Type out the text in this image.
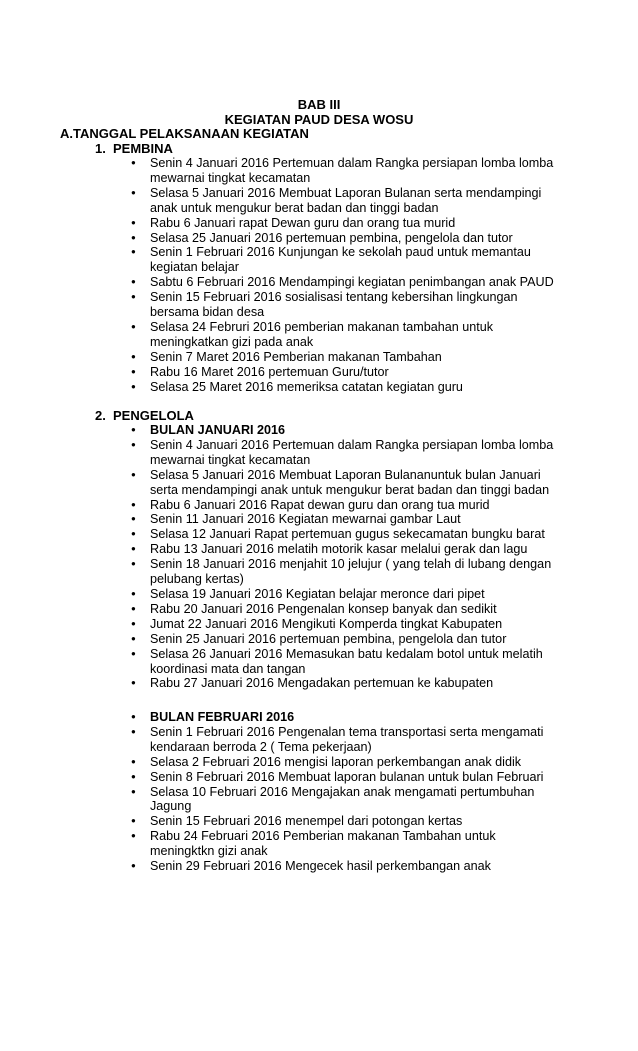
BAB III
KEGIATAN PAUD DESA WOSU
A.TANGGAL PELAKSANAAN KEGIATAN
1. PEMBINA
● Senin 4 Januari 2016 Pertemuan dalam Rangka persiapan lomba lomba mewarnai tingkat kecamatan
● Selasa 5 Januari 2016 Membuat Laporan Bulanan serta mendampingi anak untuk mengukur berat badan dan tinggi badan
● Rabu 6 Januari rapat Dewan guru dan orang tua murid
● Selasa 25 Januari 2016 pertemuan pembina, pengelola dan tutor
● Senin 1 Februari 2016 Kunjungan ke sekolah paud untuk memantau kegiatan belajar
● Sabtu 6 Februari 2016 Mendampingi kegiatan penimbangan anak PAUD
● Senin 15 Februari 2016 sosialisasi tentang kebersihan lingkungan bersama bidan desa
● Selasa 24 Februri 2016 pemberian makanan tambahan untuk meningkatkan gizi pada anak
● Senin 7 Maret 2016 Pemberian makanan Tambahan
● Rabu 16 Maret 2016 pertemuan Guru/tutor
● Selasa 25 Maret 2016 memeriksa catatan kegiatan guru
2. PENGELOLA
● BULAN JANUARI 2016
● Senin 4 Januari 2016 Pertemuan dalam Rangka persiapan lomba lomba mewarnai tingkat kecamatan
● Selasa 5 Januari 2016 Membuat Laporan Bulananuntuk bulan Januari serta mendampingi anak untuk mengukur berat badan dan tinggi badan
● Rabu 6 Januari 2016 Rapat dewan guru dan orang tua murid
● Senin 11 Januari 2016 Kegiatan mewarnai gambar Laut
● Selasa 12 Januari Rapat pertemuan gugus sekecamatan bungku barat
● Rabu 13 Januari 2016 melatih motorik kasar melalui gerak dan lagu
● Senin 18 Januari 2016 menjahit 10 jelujur ( yang telah di lubang dengan pelubang kertas)
● Selasa 19 Januari 2016 Kegiatan belajar meronce dari pipet
● Rabu 20 Januari 2016 Pengenalan konsep banyak dan sedikit
● Jumat 22 Januari 2016 Mengikuti Komperda tingkat Kabupaten
● Senin 25 Januari 2016 pertemuan pembina, pengelola dan tutor
● Selasa 26 Januari 2016 Memasukan batu kedalam botol untuk melatih koordinasi mata dan tangan
● Rabu 27 Januari 2016 Mengadakan pertemuan ke kabupaten
● BULAN FEBRUARI 2016
● Senin 1 Februari 2016 Pengenalan tema transportasi serta mengamati kendaraan berroda 2 ( Tema pekerjaan)
● Selasa 2 Februari 2016 mengisi laporan perkembangan anak didik
● Senin 8 Februari 2016 Membuat laporan bulanan untuk bulan Februari
● Selasa 10 Februari 2016 Mengajakan anak mengamati pertumbuhan Jagung
● Senin 15 Februari 2016 menempel dari potongan kertas
● Rabu 24 Februari 2016 Pemberian makanan Tambahan untuk meningktkn gizi anak
● Senin 29 Februari 2016 Mengecek hasil perkembangan anak
